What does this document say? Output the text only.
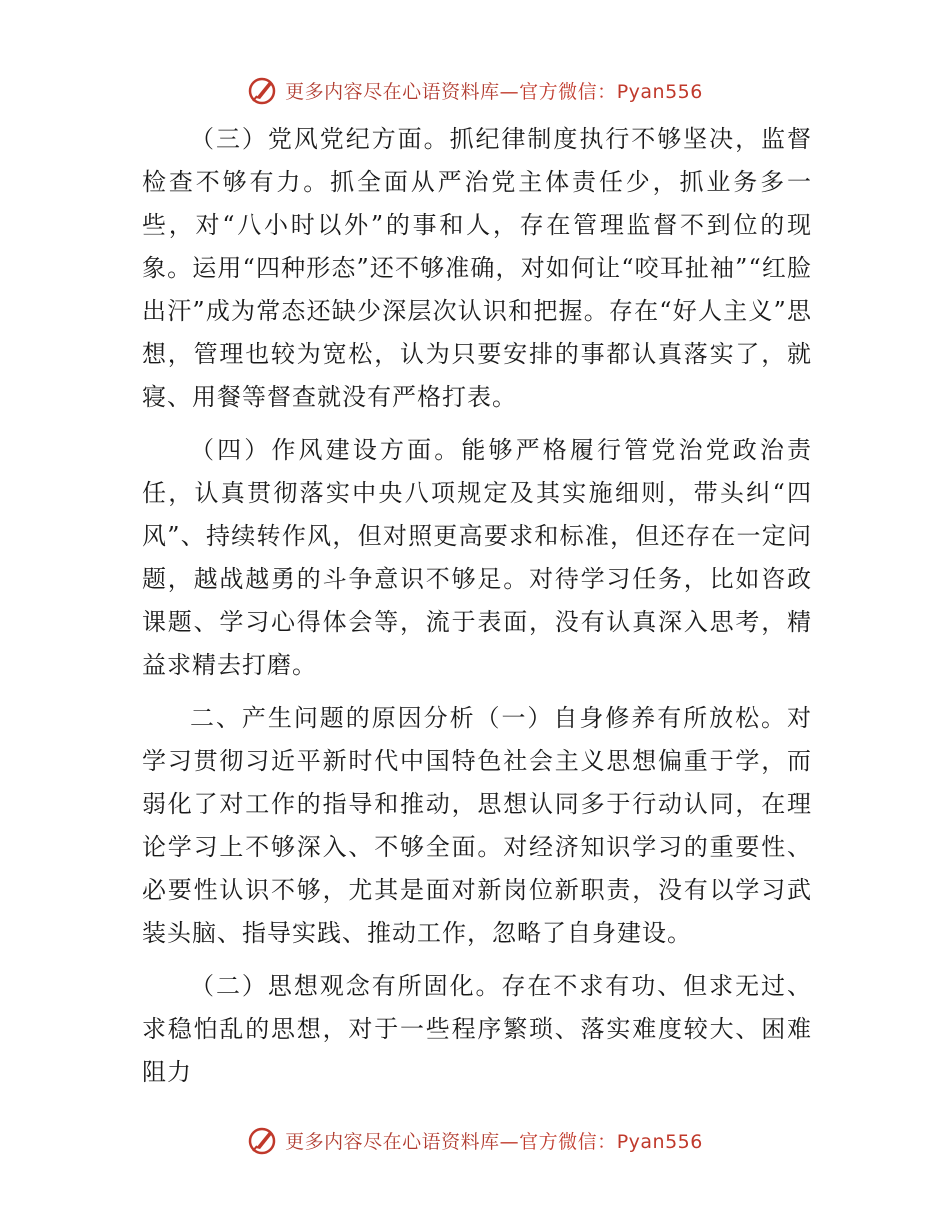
更多内容尽在心语资料库—官方微信：Pyan556

（三）党风党纪方面。抓纪律制度执行不够坚决，监督检查不够有力。抓全面从严治党主体责任少，抓业务多一些，对“八小时以外”的事和人，存在管理监督不到位的现象。运用“四种形态”还不够准确，对如何让“咬耳扯袖”“红脸出汗”成为常态还缺少深层次认识和把握。存在“好人主义”思想，管理也较为宽松，认为只要安排的事都认真落实了，就寝、用餐等督查就没有严格打表。

（四）作风建设方面。能够严格履行管党治党政治责任，认真贯彻落实中央八项规定及其实施细则，带头纠“四风”、持续转作风，但对照更高要求和标准，但还存在一定问题，越战越勇的斗争意识不够足。对待学习任务，比如咨政课题、学习心得体会等，流于表面，没有认真深入思考，精益求精去打磨。

二、产生问题的原因分析（一）自身修养有所放松。对学习贯彻习近平新时代中国特色社会主义思想偏重于学，而弱化了对工作的指导和推动，思想认同多于行动认同，在理论学习上不够深入、不够全面。对经济知识学习的重要性、必要性认识不够，尤其是面对新岗位新职责，没有以学习武装头脑、指导实践、推动工作，忽略了自身建设。

（二）思想观念有所固化。存在不求有功、但求无过、求稳怕乱的思想，对于一些程序繁琐、落实难度较大、困难阻力

更多内容尽在心语资料库—官方微信：Pyan556
